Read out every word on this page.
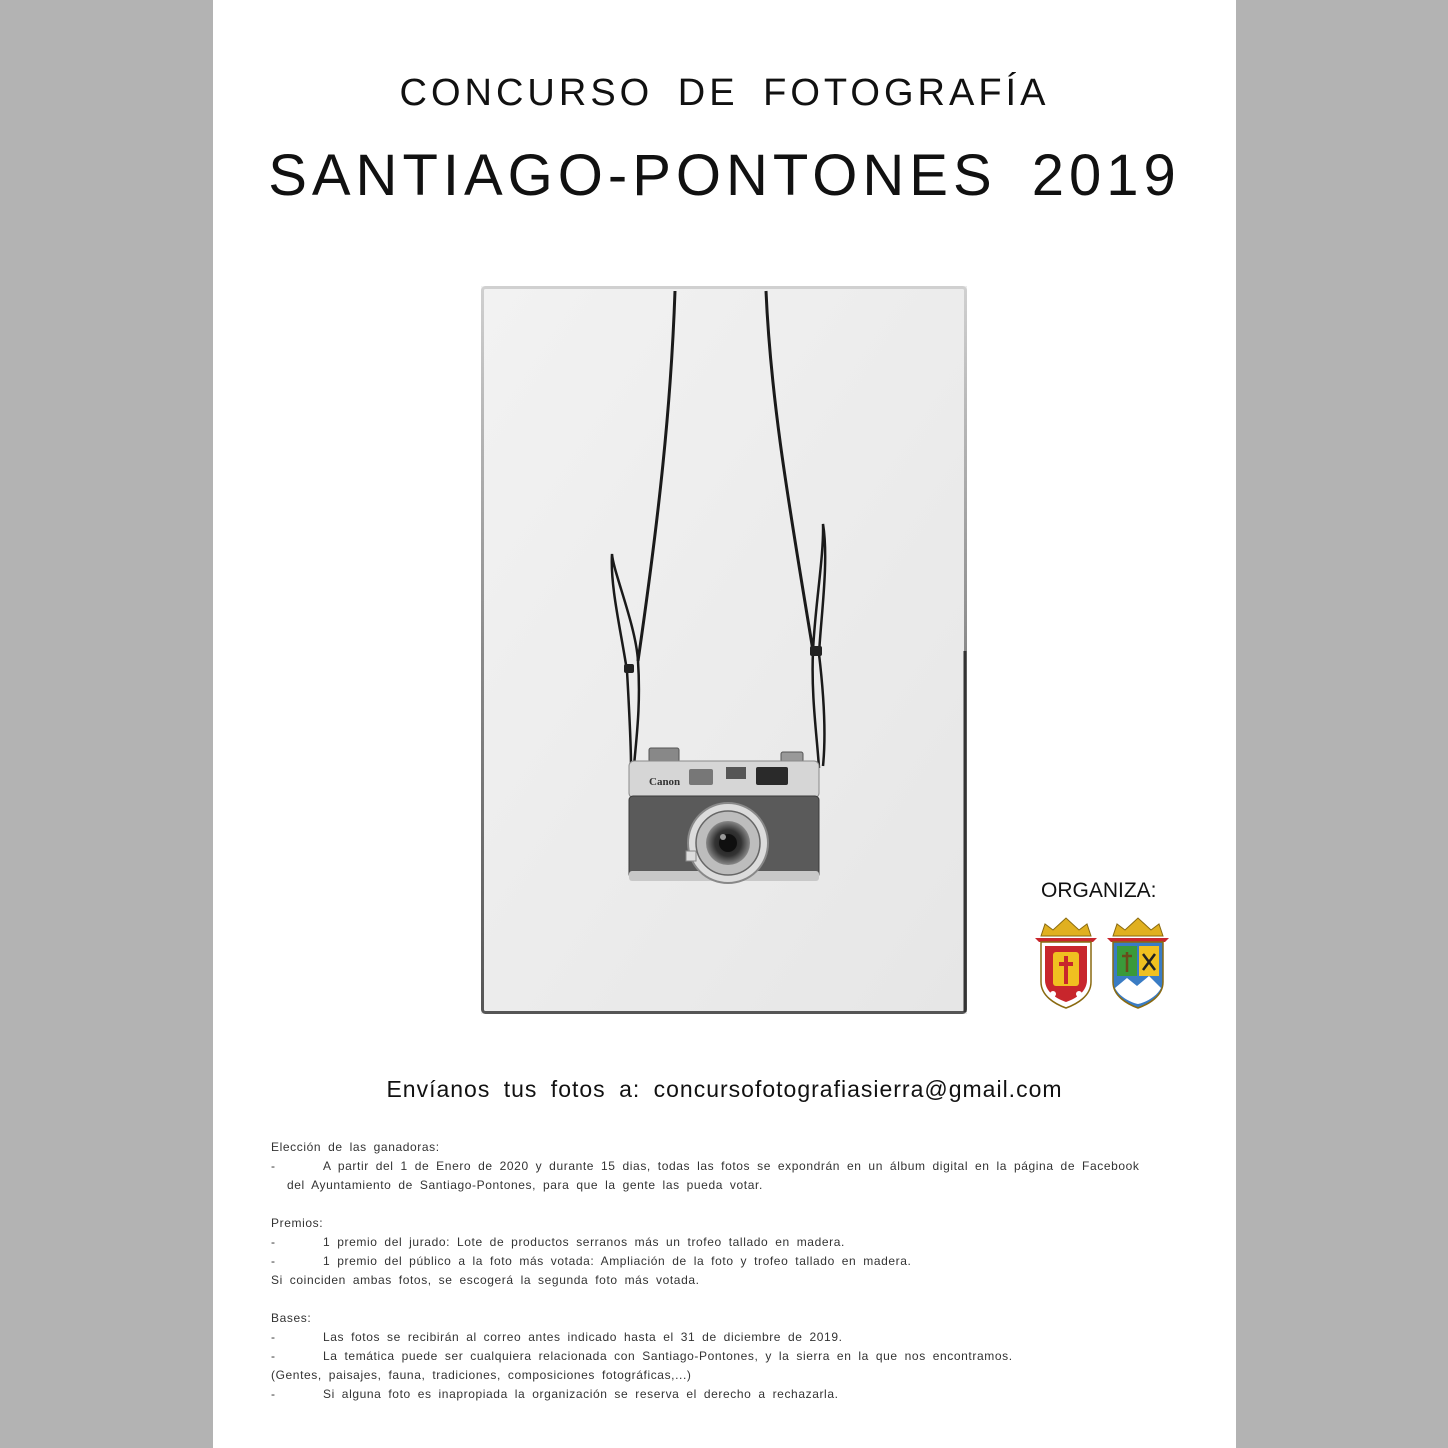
CONCURSO DE FOTOGRAFÍA
SANTIAGO-PONTONES 2019
Canon
ORGANIZA:
Envíanos tus fotos a: concursofotografiasierra@gmail.com
Elección de las ganadoras:
-	A partir del 1 de Enero de 2020 y durante 15 dias, todas las fotos se expondrán en un álbum digital en la página de Facebook
del Ayuntamiento de Santiago-Pontones, para que la gente las pueda votar.
Premios:
-	1 premio del jurado: Lote de productos serranos más un trofeo tallado en madera.
-	1 premio del público a la foto más votada: Ampliación de la foto y trofeo tallado en madera.
Si coinciden ambas fotos, se escogerá la segunda foto más votada.
Bases:
-	Las fotos se recibirán al correo antes indicado hasta el 31 de diciembre de 2019.
-	La temática puede ser cualquiera relacionada con Santiago-Pontones, y la sierra en la que nos encontramos.
(Gentes, paisajes, fauna, tradiciones, composiciones fotográficas,...)
-	Si alguna foto es inapropiada la organización se reserva el derecho a rechazarla.
